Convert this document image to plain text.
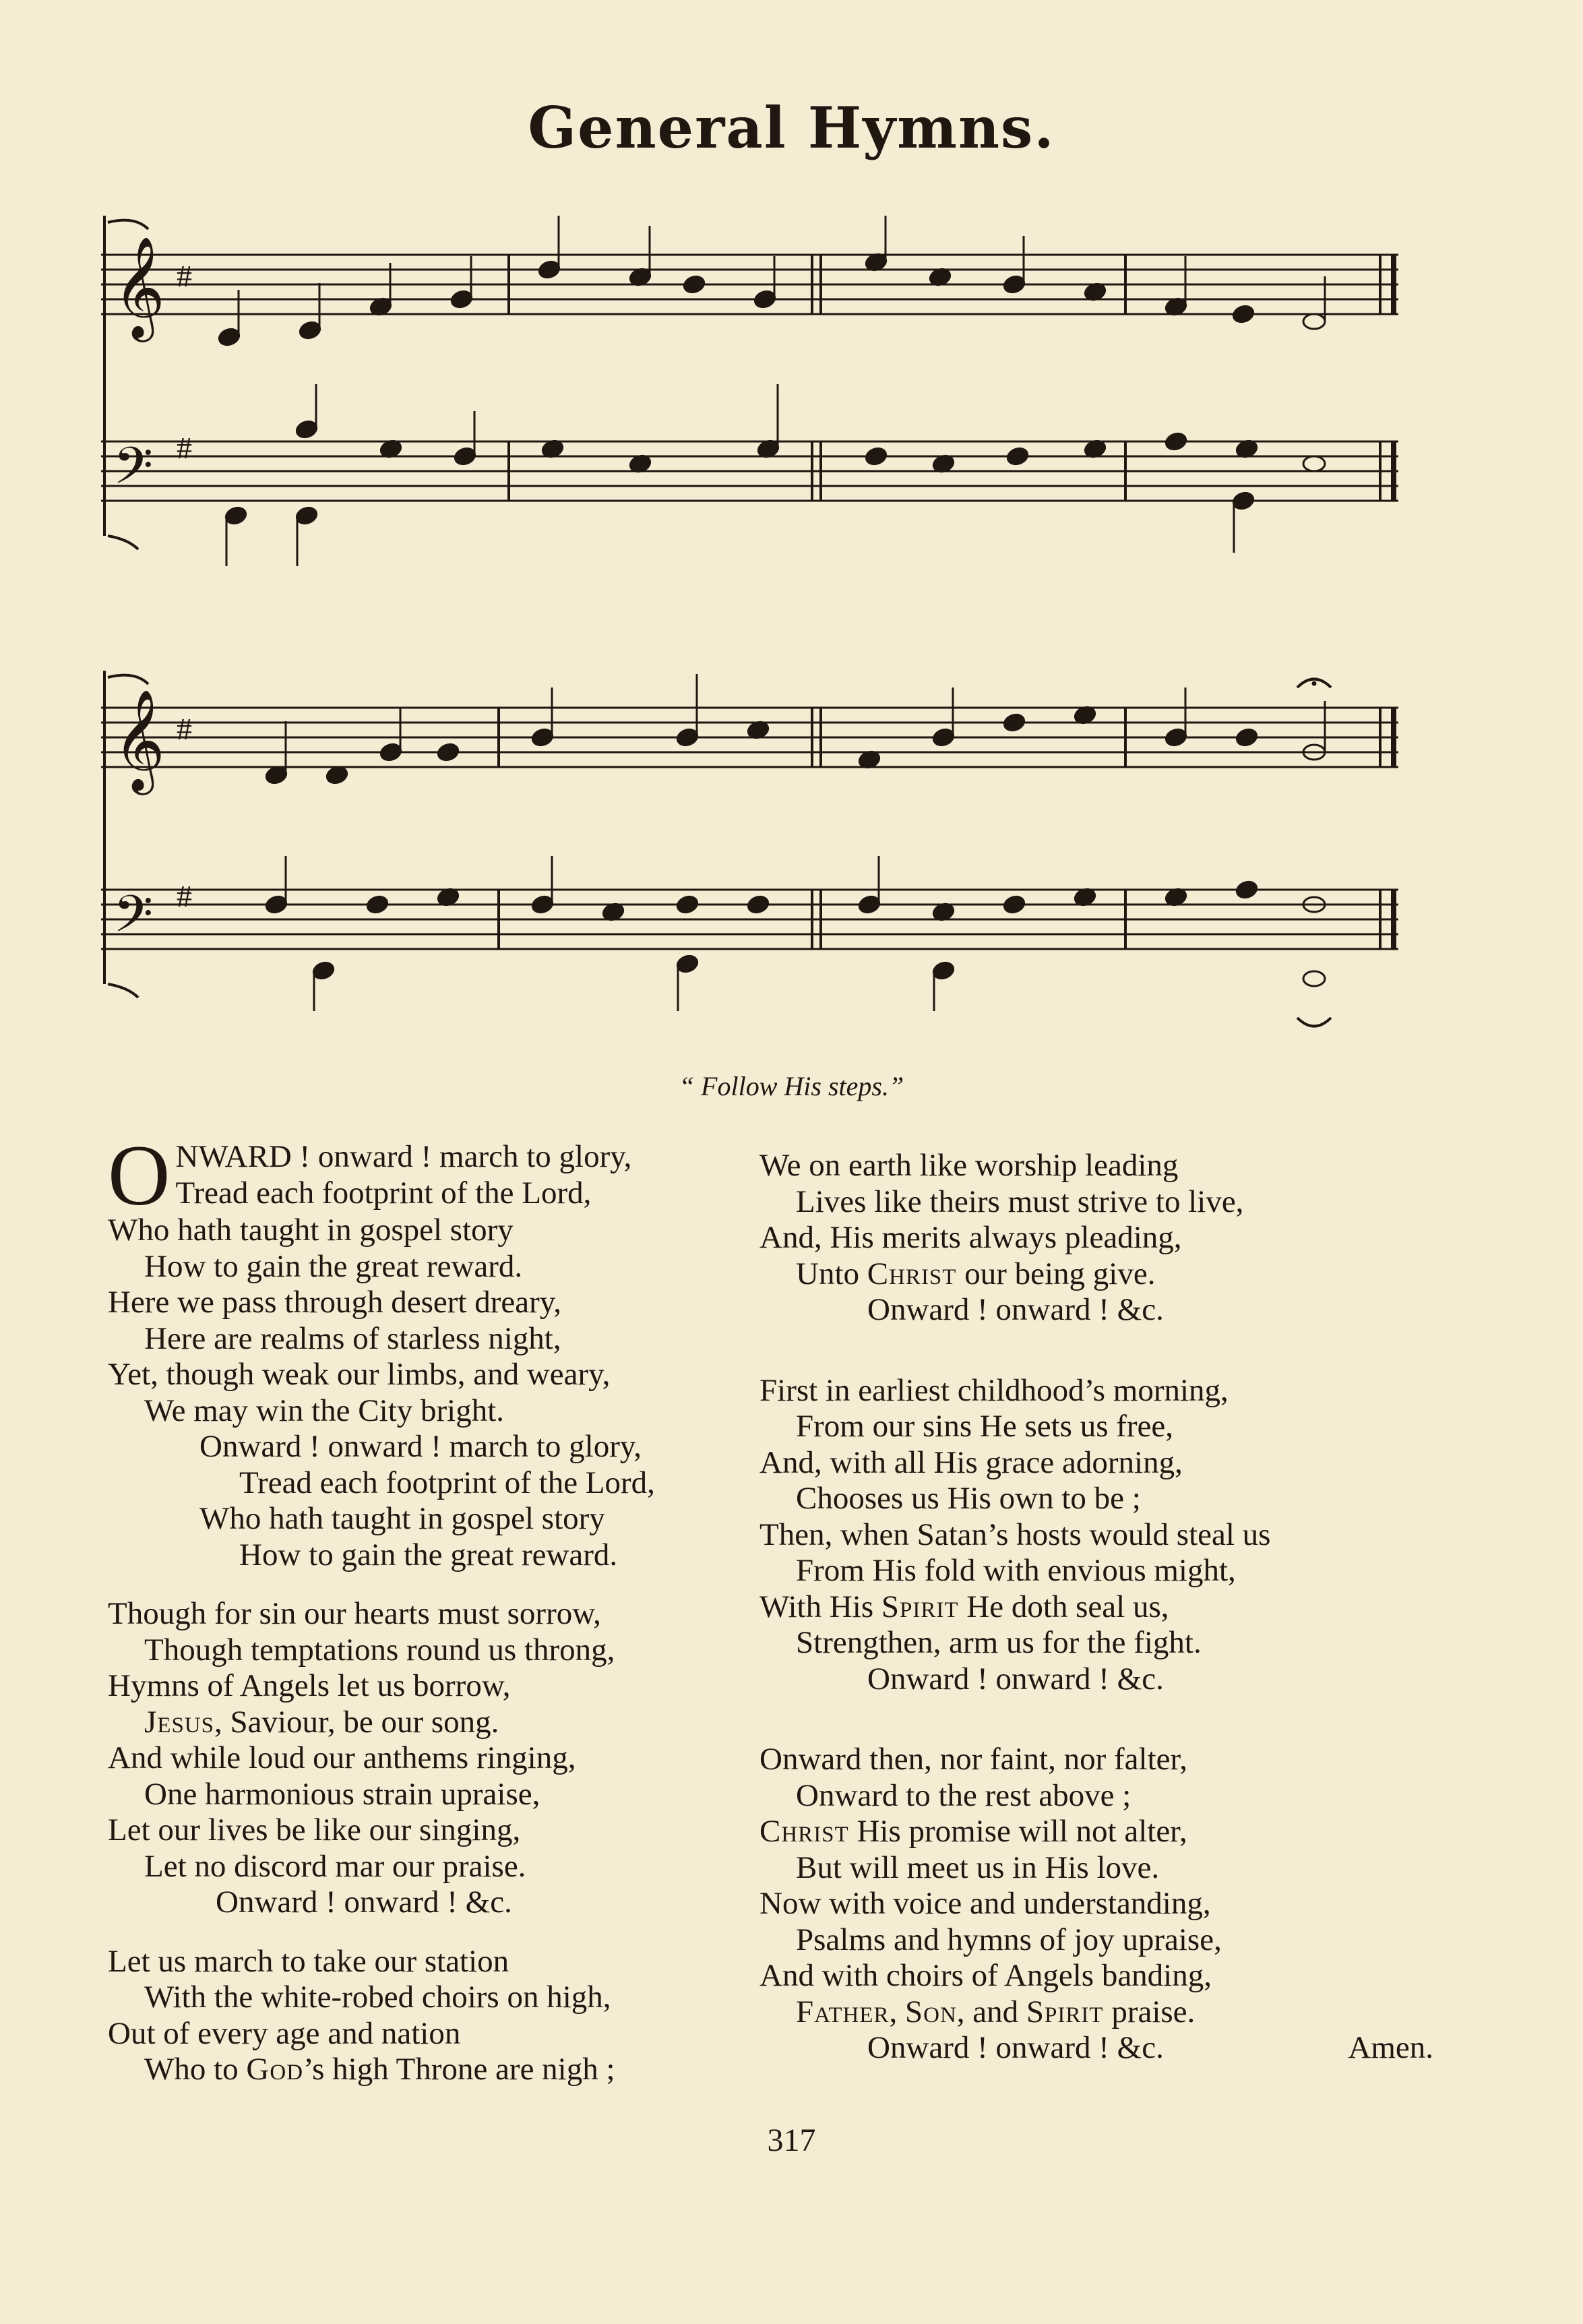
General Hymns.
𝄞
𝄢
#
#
𝄞
𝄢
#
#
“ Follow His steps.”
O NWARD ! onward ! march to glory,
Tread each footprint of the Lord,
Who hath taught in gospel story
How to gain the great reward.
Here we pass through desert dreary,
Here are realms of starless night,
Yet, though weak our limbs, and weary,
We may win the City bright.
Onward ! onward ! march to glory,
Tread each footprint of the Lord,
Who hath taught in gospel story
How to gain the great reward.
Though for sin our hearts must sorrow,
Though temptations round us throng,
Hymns of Angels let us borrow,
Jesus, Saviour, be our song.
And while loud our anthems ringing,
One harmonious strain upraise,
Let our lives be like our singing,
Let no discord mar our praise.
Onward ! onward ! &c.
Let us march to take our station
With the white-robed choirs on high,
Out of every age and nation
Who to God’s high Throne are nigh ;
We on earth like worship leading
Lives like theirs must strive to live,
And, His merits always pleading,
Unto Christ our being give.
Onward ! onward ! &c.
First in earliest childhood’s morning,
From our sins He sets us free,
And, with all His grace adorning,
Chooses us His own to be ;
Then, when Satan’s hosts would steal us
From His fold with envious might,
With His Spirit He doth seal us,
Strengthen, arm us for the fight.
Onward ! onward ! &c.
Onward then, nor faint, nor falter,
Onward to the rest above ;
Christ His promise will not alter,
But will meet us in His love.
Now with voice and understanding,
Psalms and hymns of joy upraise,
And with choirs of Angels banding,
Father, Son, and Spirit praise.
Onward ! onward ! &c.	Amen.
317
